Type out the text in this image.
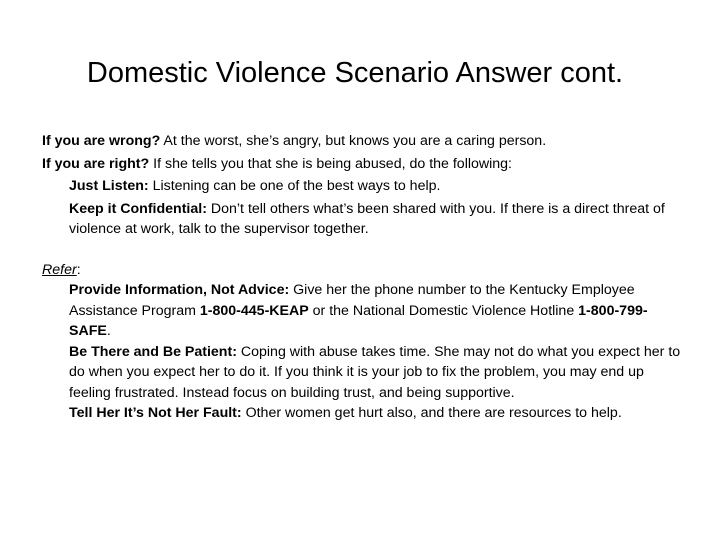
Domestic Violence Scenario Answer cont.

If you are wrong? At the worst, she’s angry, but knows you are a caring person.

If you are right? If she tells you that she is being abused, do the following:

Just Listen: Listening can be one of the best ways to help.

Keep it Confidential: Don’t tell others what’s been shared with you. If there is a direct threat of violence at work, talk to the supervisor together.

Refer:

Provide Information, Not Advice: Give her the phone number to the Kentucky Employee Assistance Program 1-800-445-KEAP or the National Domestic Violence Hotline 1-800-799-SAFE.

Be There and Be Patient: Coping with abuse takes time. She may not do what you expect her to do when you expect her to do it. If you think it is your job to fix the problem, you may end up feeling frustrated. Instead focus on building trust, and being supportive.

Tell Her It’s Not Her Fault: Other women get hurt also, and there are resources to help.
